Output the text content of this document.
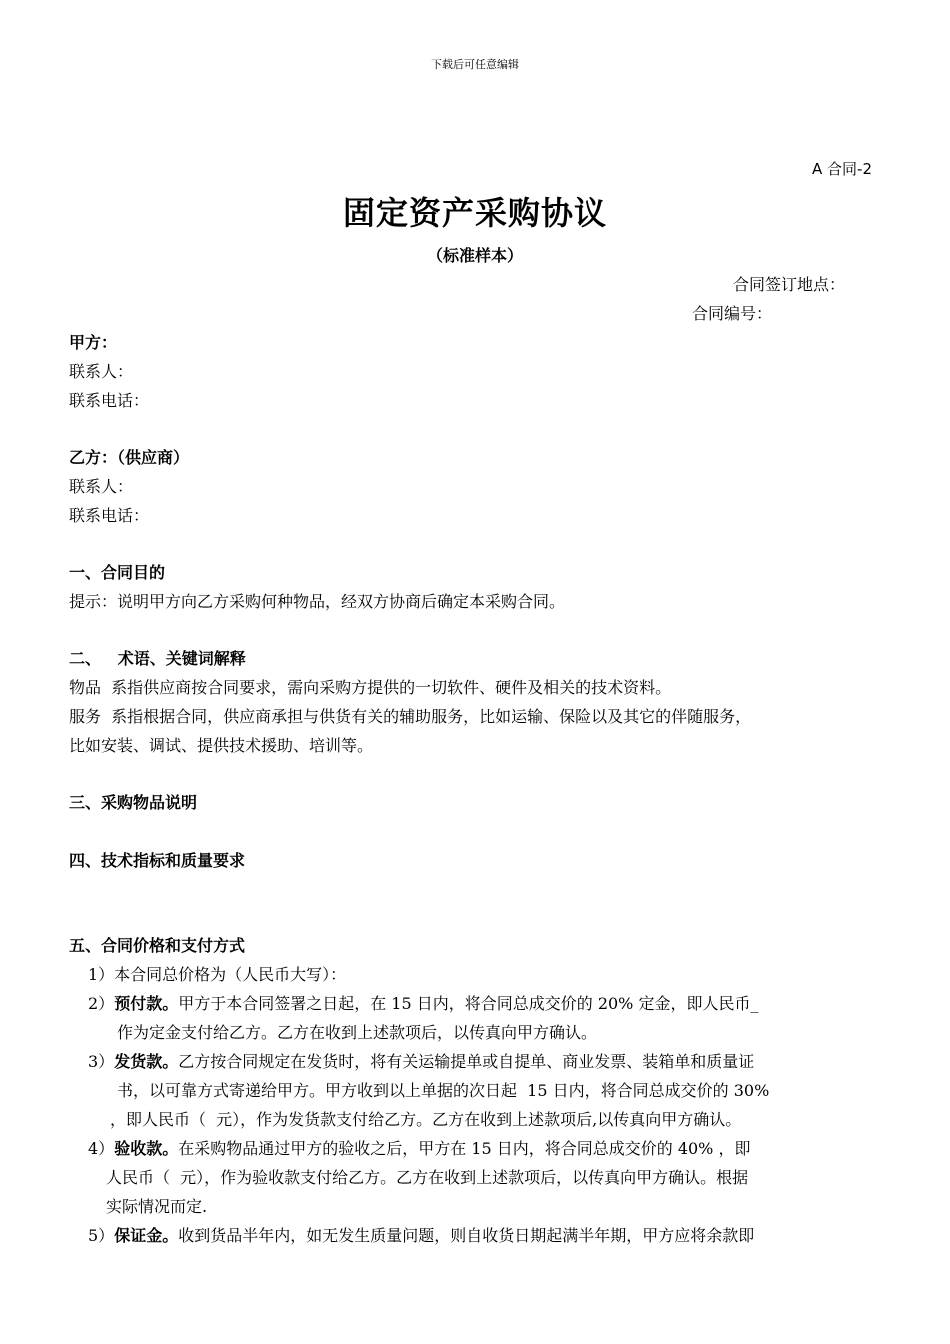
下载后可任意编辑
A 合同-2
固定资产采购协议
（标准样本）
合同签订地点：
合同编号：
甲方：
联系人：
联系电话：
乙方：（供应商）
联系人：
联系电话：
一、合同目的
提示：说明甲方向乙方采购何种物品，经双方协商后确定本采购合同。
二、   术语、关键词解释
物品  系指供应商按合同要求，需向采购方提供的一切软件、硬件及相关的技术资料。
服务  系指根据合同，供应商承担与供货有关的辅助服务，比如运输、保险以及其它的伴随服务，
比如安装、调试、提供技术援助、培训等。
三、采购物品说明
四、技术指标和质量要求
五、合同价格和支付方式
1）本合同总价格为（人民币大写）：
2）预付款。甲方于本合同签署之日起，在 15 日内，将合同总成交价的 20% 定金，即人民币_
作为定金支付给乙方。乙方在收到上述款项后，以传真向甲方确认。
3）发货款。乙方按合同规定在发货时，将有关运输提单或自提单、商业发票、装箱单和质量证
书，以可靠方式寄递给甲方。甲方收到以上单据的次日起  15 日内，将合同总成交价的 30%
，即人民币（  元），作为发货款支付给乙方。乙方在收到上述款项后,以传真向甲方确认。
4）验收款。在采购物品通过甲方的验收之后，甲方在 15 日内，将合同总成交价的 40% ，即
人民币（  元），作为验收款支付给乙方。乙方在收到上述款项后，以传真向甲方确认。根据
实际情况而定.
5）保证金。收到货品半年内，如无发生质量问题，则自收货日期起满半年期，甲方应将余款即
